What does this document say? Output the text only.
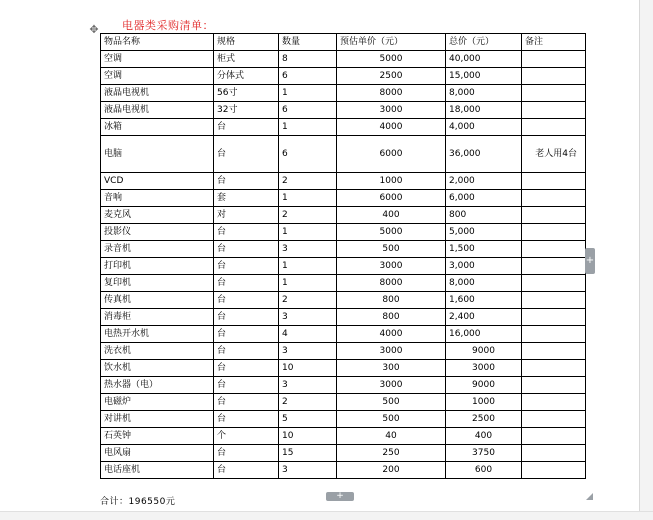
✥ 电器类采购清单：
物品名称	规格	数量	预估单价（元）	总价（元）	备注
空调	柜式	8	5000	40,000	
空调	分体式	6	2500	15,000	
液晶电视机	56寸	1	8000	8,000	
液晶电视机	32寸	6	3000	18,000	
冰箱	台	1	4000	4,000	
电脑	台	6	6000	36,000	老人用4台
VCD	台	2	1000	2,000	
音响	套	1	6000	6,000	
麦克风	对	2	400	800	
投影仪	台	1	5000	5,000	
录音机	台	3	500	1,500	
打印机	台	1	3000	3,000	
复印机	台	1	8000	8,000	
传真机	台	2	800	1,600	
消毒柜	台	3	800	2,400	
电热开水机	台	4	4000	16,000	
洗衣机	台	3	3000	9000	
饮水机	台	10	300	3000	
热水器（电）	台	3	3000	9000	
电磁炉	台	2	500	1000	
对讲机	台	5	500	2500	
石英钟	个	10	40	400	
电风扇	台	15	250	3750	
电话座机	台	3	200	600	
合计：196550元
+
+
